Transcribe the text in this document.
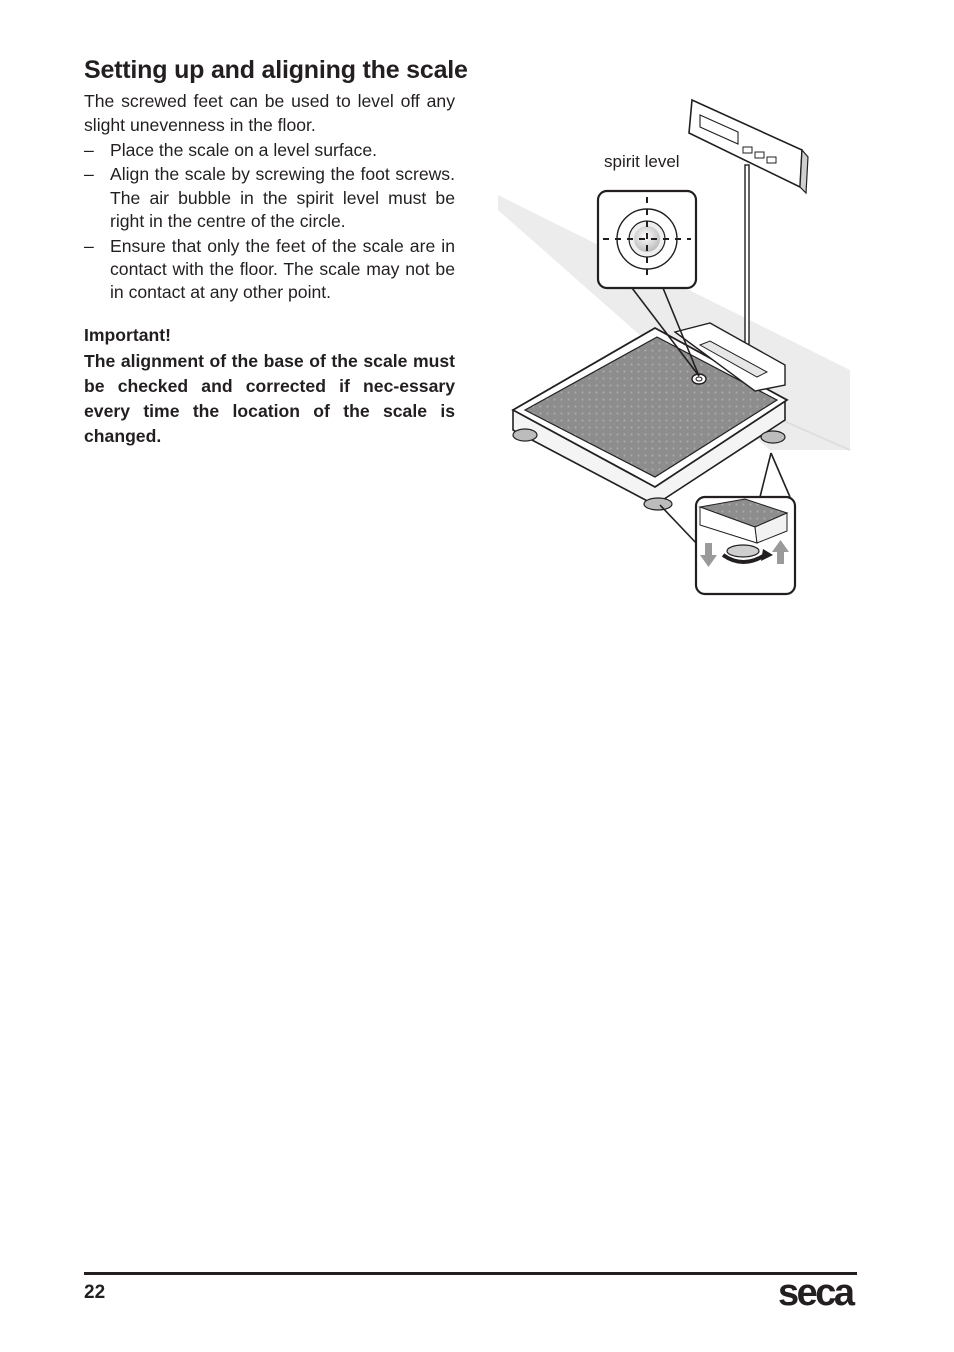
Setting up and aligning the scale

The screwed feet can be used to level off any slight unevenness in the floor.

– Place the scale on a level surface.
– Align the scale by screwing the foot screws. The air bubble in the spirit level must be right in the centre of the circle.
– Ensure that only the feet of the scale are in contact with the floor. The scale may not be in contact at any other point.

Important!

The alignment of the base of the scale must be checked and corrected if nec-essary every time the location of the scale is changed.

spirit level
22	seca
